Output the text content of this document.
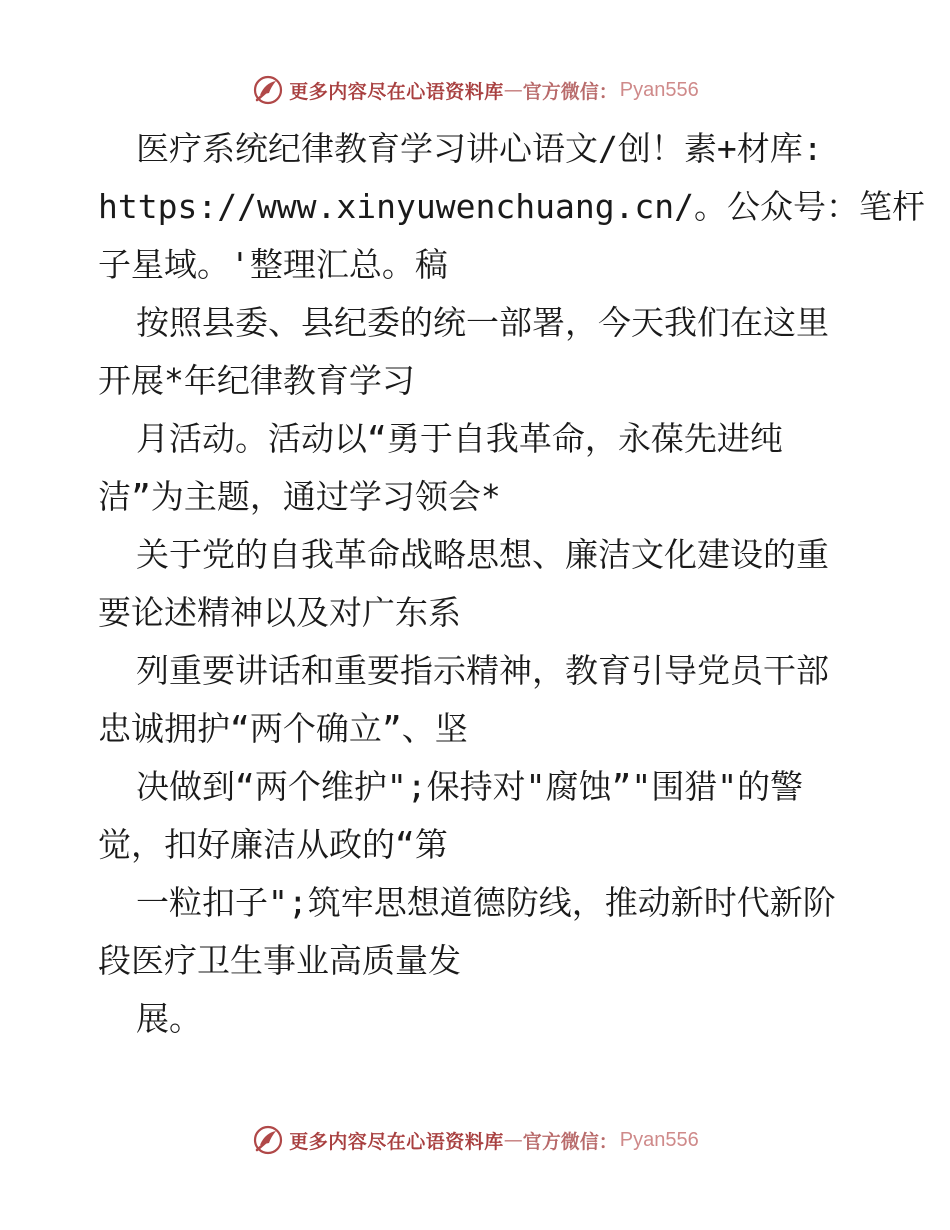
更多内容尽在心语资料库 — 官方微信： Pyan556
医疗系统纪律教育学习讲心语文/创！素+材库:
https://www.xinyuwenchuang.cn/。公众号：笔杆
子星域。'整理汇总。稿
按照县委、县纪委的统一部署，今天我们在这里
开展*年纪律教育学习
月活动。活动以“勇于自我革命，永葆先进纯
洁”为主题，通过学习领会*
关于党的自我革命战略思想、廉洁文化建设的重
要论述精神以及对广东系
列重要讲话和重要指示精神，教育引导党员干部
忠诚拥护“两个确立”、坚
决做到“两个维护";保持对"腐蚀”"围猎"的警
觉，扣好廉洁从政的“第
一粒扣子";筑牢思想道德防线，推动新时代新阶
段医疗卫生事业高质量发
展。
更多内容尽在心语资料库 — 官方微信： Pyan556
